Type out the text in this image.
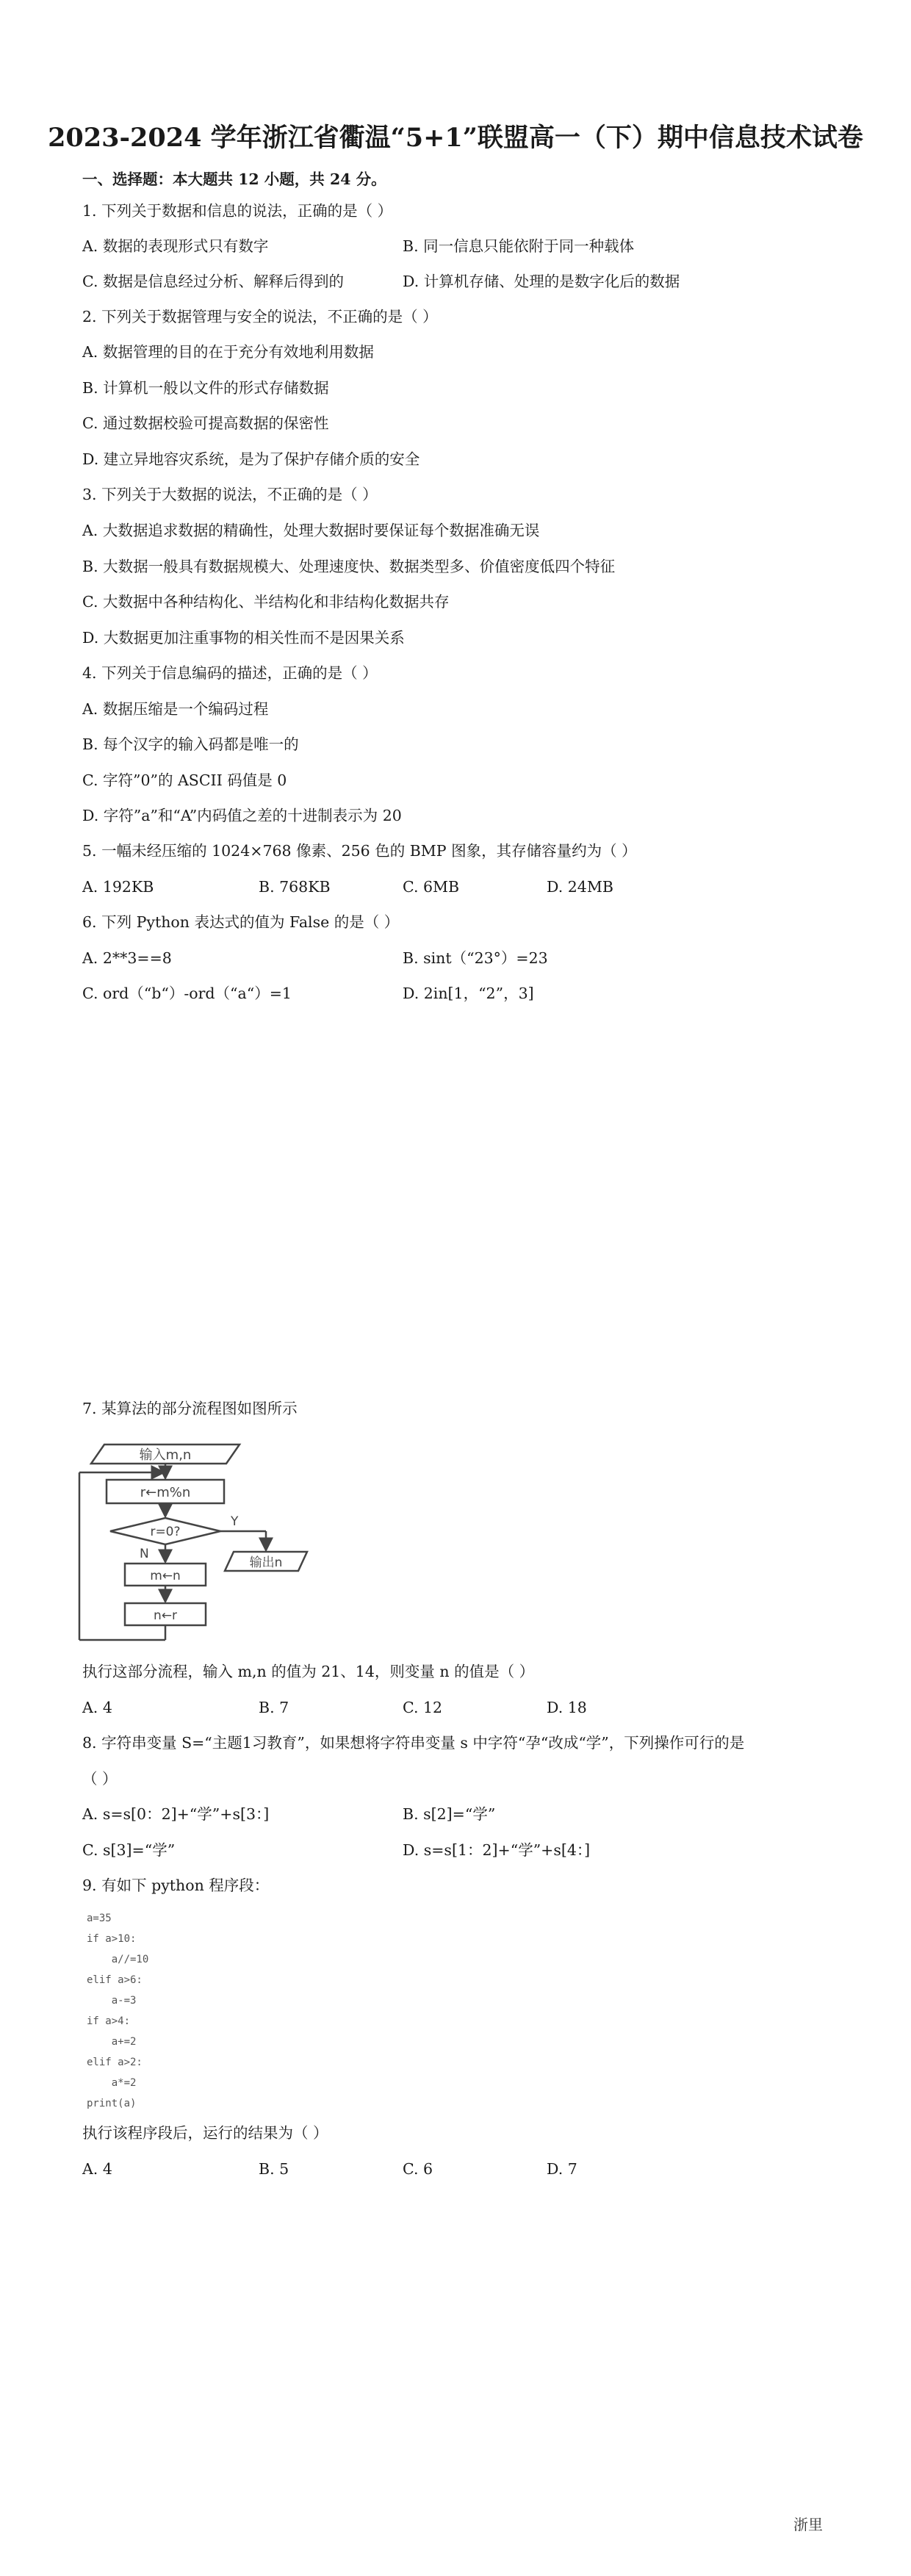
2023-2024 学年浙江省衢温“5+1”联盟高一（下）期中信息技术试卷
一、选择题：本大题共 12 小题，共 24 分。
1. 下列关于数据和信息的说法，正确的是（ ）
A. 数据的表现形式只有数字	B. 同一信息只能依附于同一种载体
C. 数据是信息经过分析、解释后得到的	D. 计算机存储、处理的是数字化后的数据
2. 下列关于数据管理与安全的说法，不正确的是（ ）
A. 数据管理的目的在于充分有效地利用数据
B. 计算机一般以文件的形式存储数据
C. 通过数据校验可提高数据的保密性
D. 建立异地容灾系统，是为了保护存储介质的安全
3. 下列关于大数据的说法，不正确的是（ ）
A. 大数据追求数据的精确性，处理大数据时要保证每个数据准确无误
B. 大数据一般具有数据规模大、处理速度快、数据类型多、价值密度低四个特征
C. 大数据中各种结构化、半结构化和非结构化数据共存
D. 大数据更加注重事物的相关性而不是因果关系
4. 下列关于信息编码的描述，正确的是（ ）
A. 数据压缩是一个编码过程
B. 每个汉字的输入码都是唯一的
C. 字符”0”的 ASCII 码值是 0
D. 字符”a”和“A”内码值之差的十进制表示为 20
5. 一幅未经压缩的 1024×768 像素、256 色的 BMP 图象，其存储容量约为（ ）
A. 192KB	B. 768KB	C. 6MB	D. 24MB
6. 下列 Python 表达式的值为 False 的是（ ）
A. 2**3==8	B. sint（“23°）=23
C. ord（“b“）-ord（“a“）=1	D. 2in[1，“2”，3]
7. 某算法的部分流程图如图所示
输入m,n
r←m%n
r=0?
Y
输出n
N
m←n
n←r
执行这部分流程，输入 m,n 的值为 21、14，则变量 n 的值是（ ）
A. 4	B. 7	C. 12	D. 18
8. 字符串变量 S=“主题1习教育”，如果想将字符串变量 s 中字符“孕“改成“学”，下列操作可行的是
（ ）
A. s=s[0：2]+“学”+s[3：]	B. s[2]=“学”
C. s[3]=“学”	D. s=s[1：2]+“学”+s[4：]
9. 有如下 python 程序段：
a=35
if a>10:
a//=10
elif a>6:
a-=3
if a>4:
a+=2
elif a>2:
a*=2
print(a)
执行该程序段后，运行的结果为（ ）
A. 4	B. 5	C. 6	D. 7
浙里
